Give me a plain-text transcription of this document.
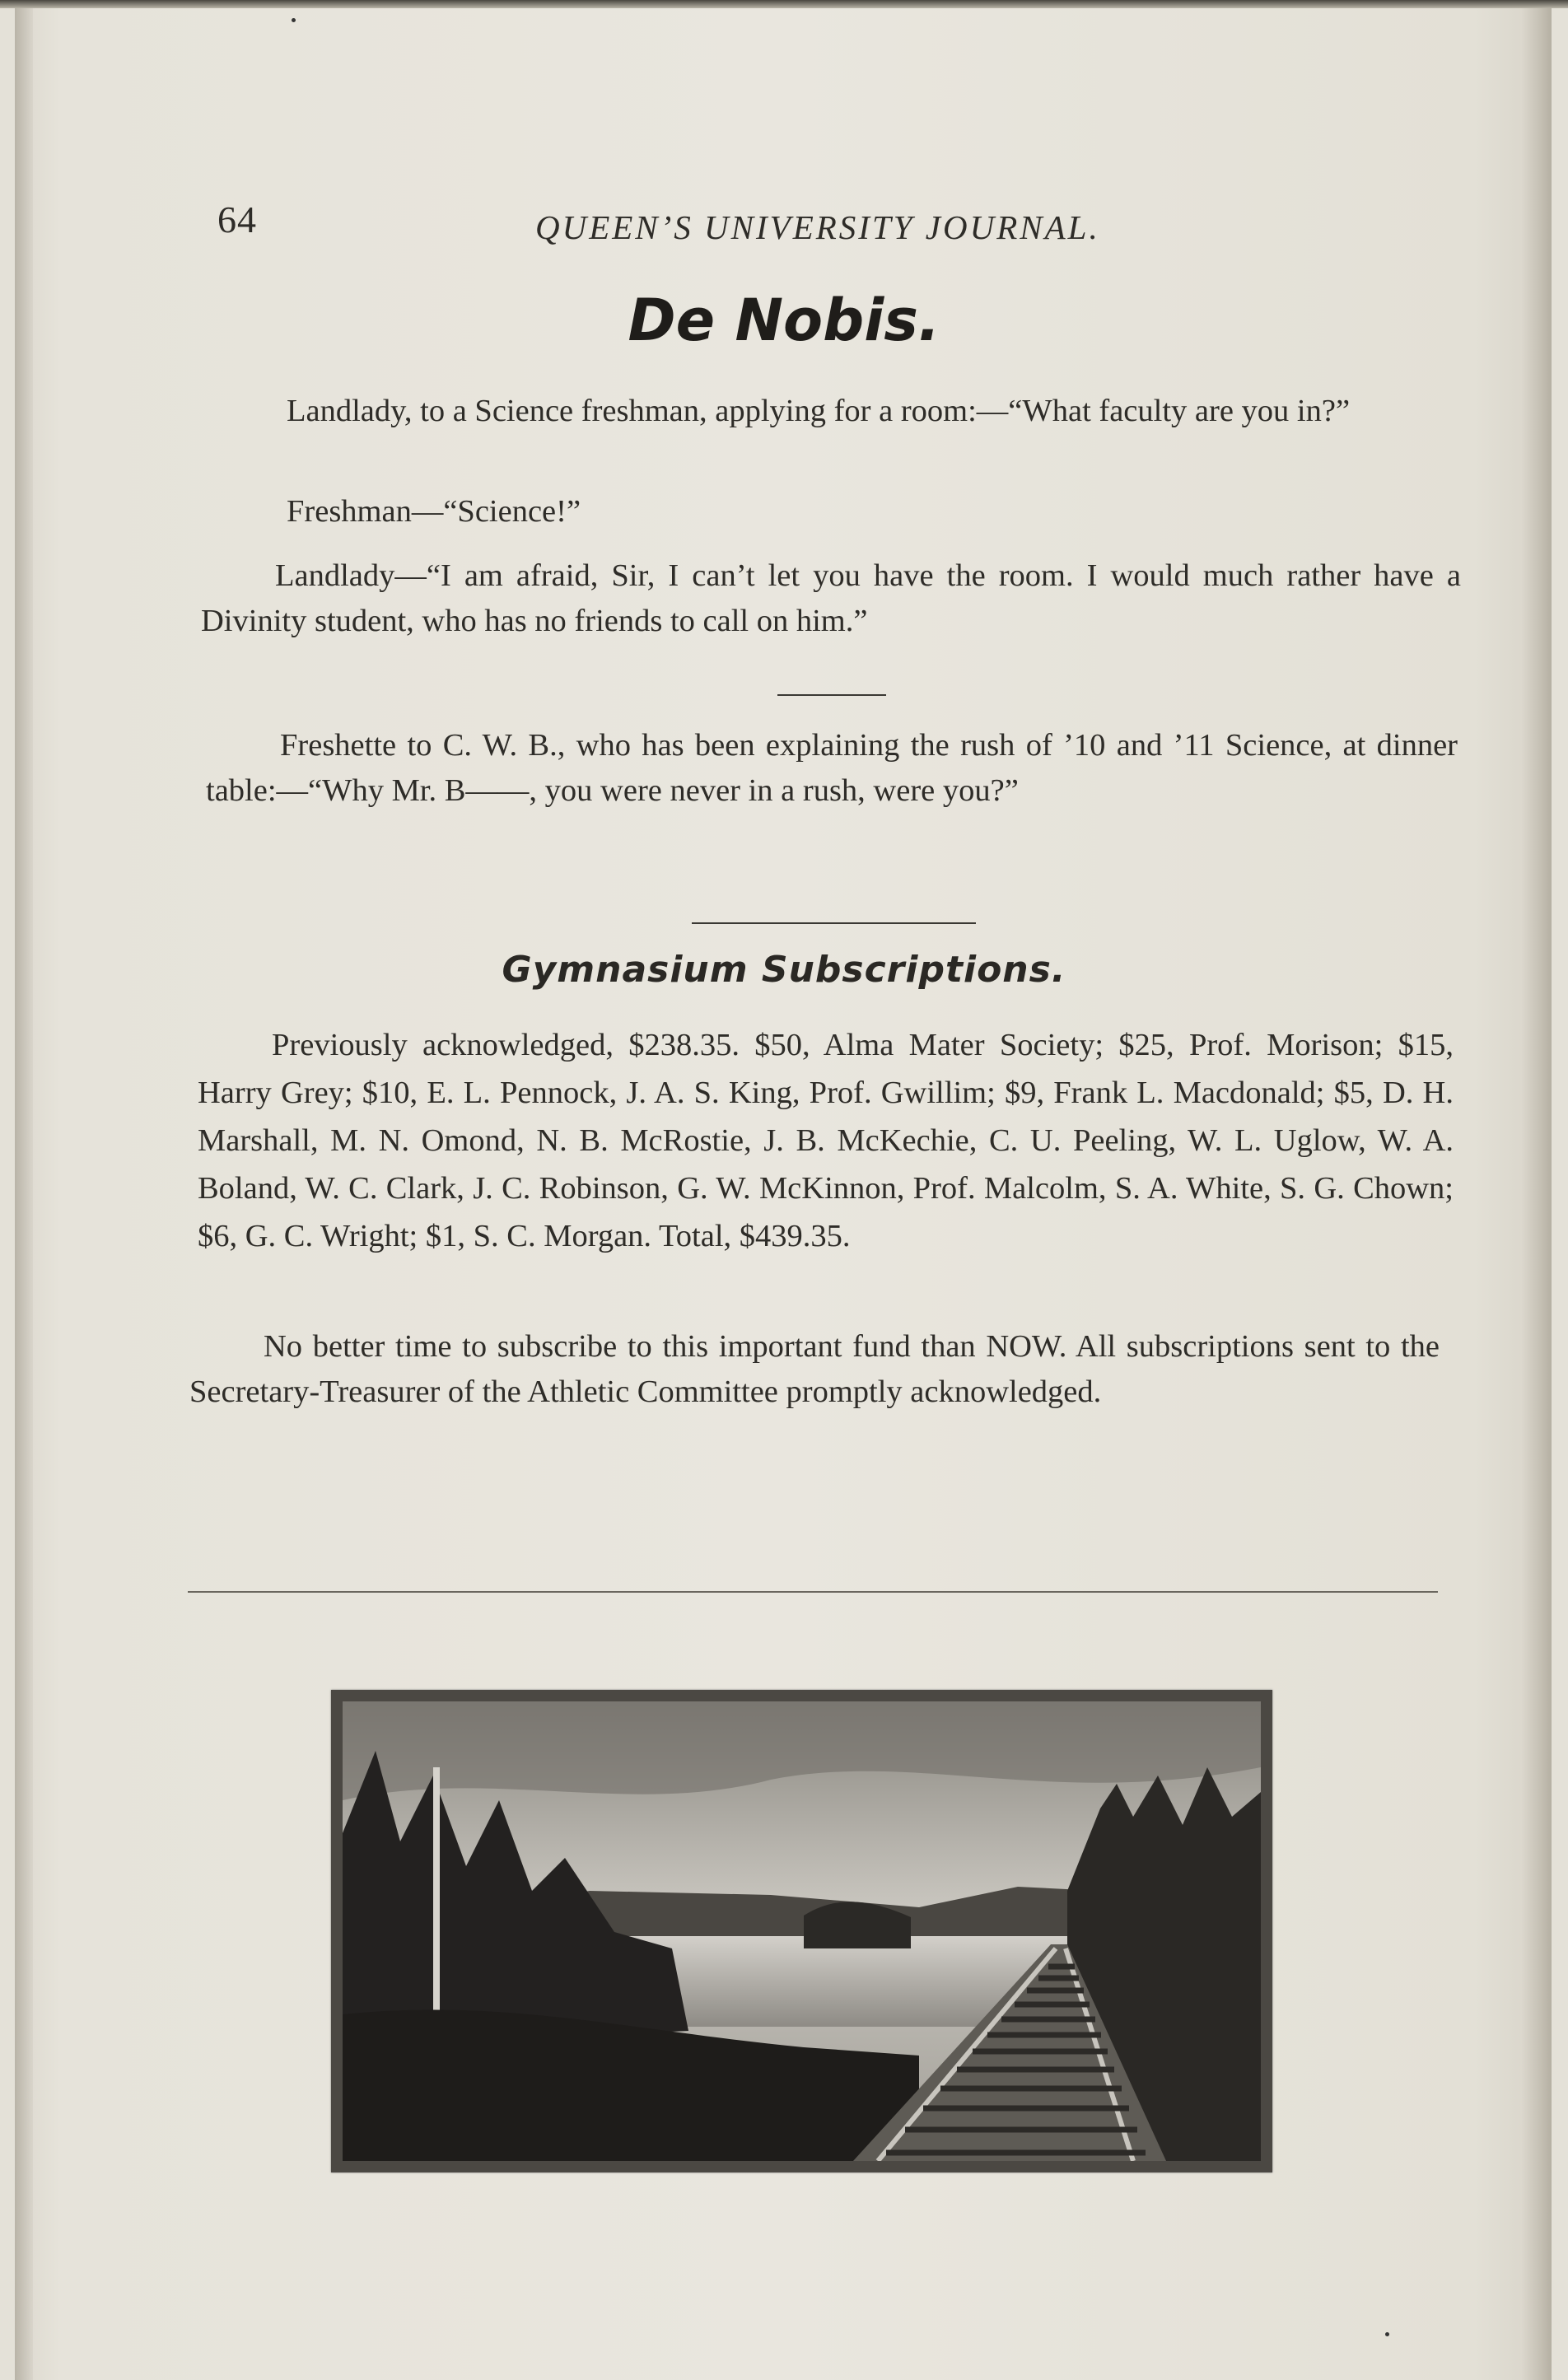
64	QUEEN’S UNIVERSITY JOURNAL.
De Nobis.

Landlady, to a Science freshman, applying for a room:—“What faculty are you in?”

Freshman—“Science!”

Landlady—“I am afraid, Sir, I can’t let you have the room. I would much rather have a Divinity student, who has no friends to call on him.”

Freshette to C. W. B., who has been explaining the rush of ’10 and ’11 Science, at dinner table:—“Why Mr. B——, you were never in a rush, were you?”

Gymnasium Subscriptions.

Previously acknowledged, $238.35. $50, Alma Mater Society; $25, Prof. Morison; $15, Harry Grey; $10, E. L. Pennock, J. A. S. King, Prof. Gwillim; $9, Frank L. Macdonald; $5, D. H. Marshall, M. N. Omond, N. B. McRostie, J. B. McKechie, C. U. Peeling, W. L. Uglow, W. A. Boland, W. C. Clark, J. C. Robinson, G. W. McKinnon, Prof. Malcolm, S. A. White, S. G. Chown; $6, G. C. Wright; $1, S. C. Morgan. Total, $439.35.

No better time to subscribe to this important fund than NOW. All subscriptions sent to the Secretary-Treasurer of the Athletic Committee promptly acknowledged.
